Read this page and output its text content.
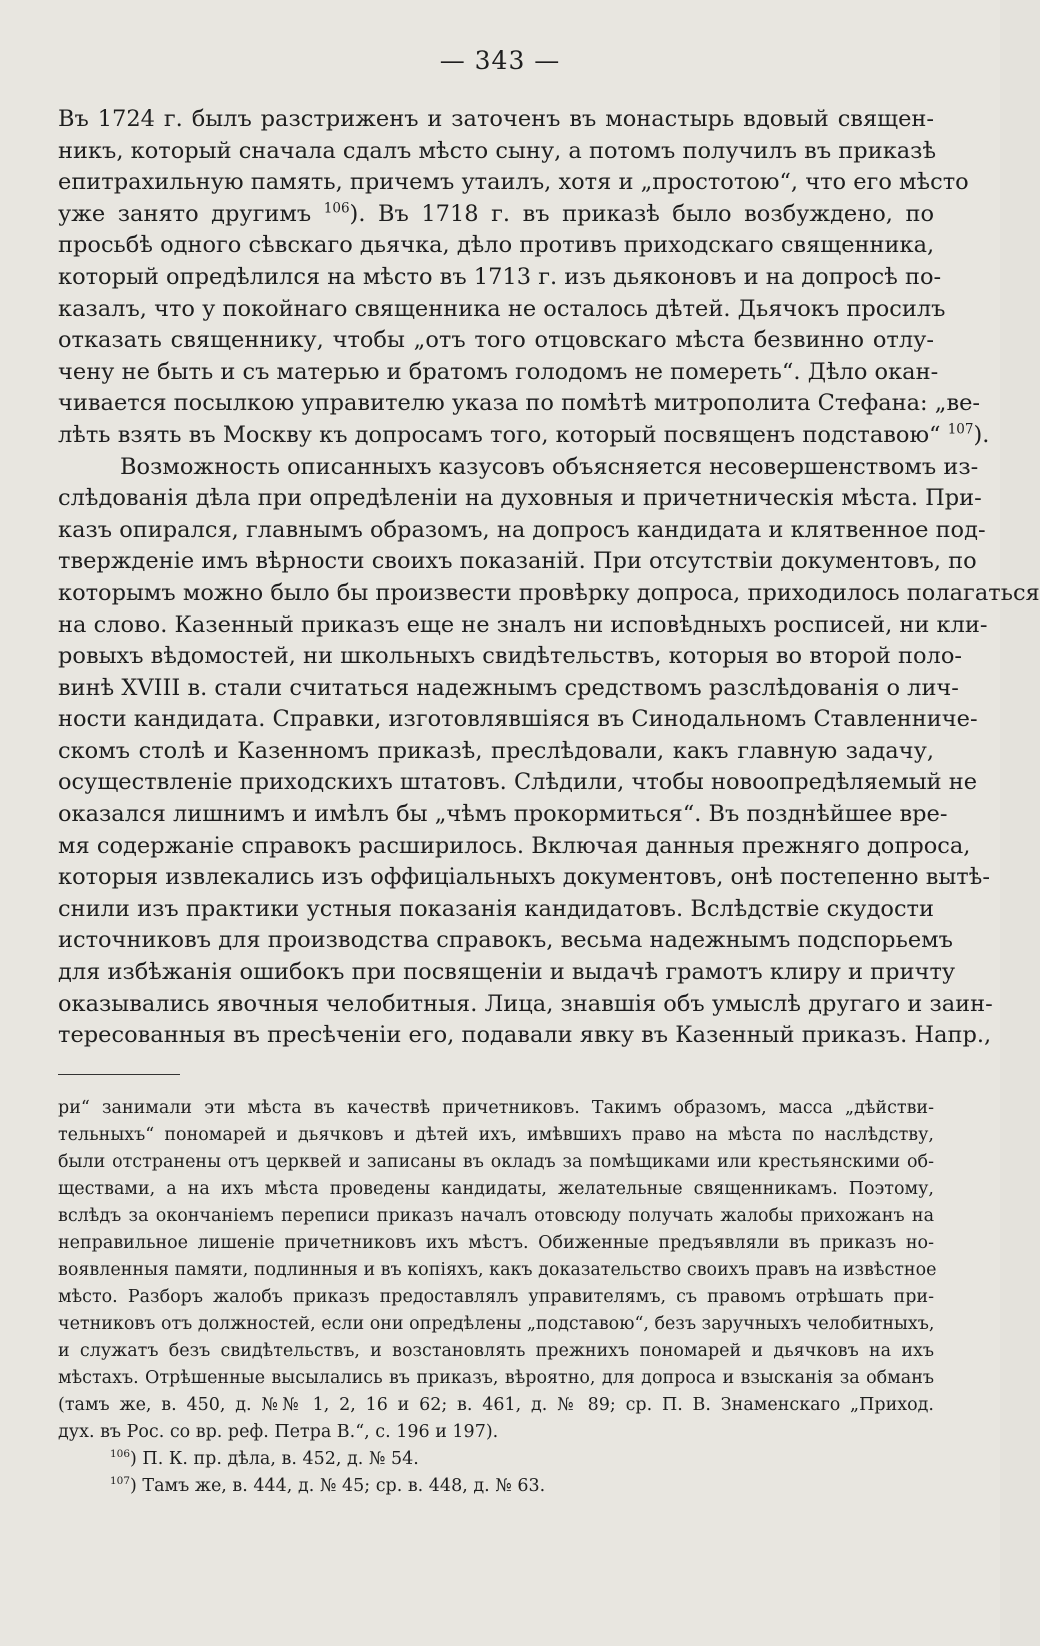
— 343 —

Въ 1724 г. былъ разстриженъ и заточенъ въ монастырь вдовый священ-

никъ, который сначала сдалъ мѣсто сыну, а потомъ получилъ въ приказѣ

епитрахильную память, причемъ утаилъ, хотя и „простотою“, что его мѣсто

уже занято другимъ $^{106}$). Въ 1718 г. въ приказѣ было возбуждено, по

просьбѣ одного сѣвскаго дьячка, дѣло противъ приходскаго священника,

который опредѣлился на мѣсто въ 1713 г. изъ дьяконовъ и на допросѣ по-

казалъ, что у покойнаго священника не осталось дѣтей. Дьячокъ просилъ

отказать священнику, чтобы „отъ того отцовскаго мѣста безвинно отлу-

чену не быть и съ матерью и братомъ голодомъ не помереть“. Дѣло окан-

чивается посылкою управителю указа по помѣтѣ митрополита Стефана: „ве-

лѣть взять въ Москву къ допросамъ того, который посвященъ подставою“ $^{107}$).

Возможность описанныхъ казусовъ объясняется несовершенствомъ из-

слѣдованія дѣла при опредѣленіи на духовныя и причетническія мѣста. При-

казъ опирался, главнымъ образомъ, на допросъ кандидата и клятвенное под-

твержденіе имъ вѣрности своихъ показаній. При отсутствіи документовъ, по

которымъ можно было бы произвести провѣрку допроса, приходилось полагаться

на слово. Казенный приказъ еще не зналъ ни исповѣдныхъ росписей, ни кли-

ровыхъ вѣдомостей, ни школьныхъ свидѣтельствъ, которыя во второй поло-

винѣ XVIII в. стали считаться надежнымъ средствомъ разслѣдованія о лич-

ности кандидата. Справки, изготовлявшіяся въ Синодальномъ Ставленниче-

скомъ столѣ и Казенномъ приказѣ, преслѣдовали, какъ главную задачу,

осуществленіе приходскихъ штатовъ. Слѣдили, чтобы новоопредѣляемый не

оказался лишнимъ и имѣлъ бы „чѣмъ прокормиться“. Въ позднѣйшее вре-

мя содержаніе справокъ расширилось. Включая данныя прежняго допроса,

которыя извлекались изъ оффиціальныхъ документовъ, онѣ постепенно вытѣ-

снили изъ практики устныя показанія кандидатовъ. Вслѣдствіе скудости

источниковъ для производства справокъ, весьма надежнымъ подспорьемъ

для избѣжанія ошибокъ при посвященіи и выдачѣ грамотъ клиру и причту

оказывались явочныя челобитныя. Лица, знавшія объ умыслѣ другаго и заин-

тересованныя въ пресѣченіи его, подавали явку въ Казенный приказъ. Напр.,

ри“ занимали эти мѣста въ качествѣ причетниковъ. Такимъ образомъ, масса „дѣйстви-

тельныхъ“ пономарей и дьячковъ и дѣтей ихъ, имѣвшихъ право на мѣста по наслѣдству,

были отстранены отъ церквей и записаны въ окладъ за помѣщиками или крестьянскими об-

ществами, а на ихъ мѣста проведены кандидаты, желательные священникамъ. Поэтому,

вслѣдъ за окончаніемъ переписи приказъ началъ отовсюду получать жалобы прихожанъ на

неправильное лишеніе причетниковъ ихъ мѣстъ. Обиженные предъявляли въ приказъ но-

воявленныя памяти, подлинныя и въ копіяхъ, какъ доказательство своихъ правъ на извѣстное

мѣсто. Разборъ жалобъ приказъ предоставлялъ управителямъ, съ правомъ отрѣшать при-

четниковъ отъ должностей, если они опредѣлены „подставою“, безъ заручныхъ челобитныхъ,

и служатъ безъ свидѣтельствъ, и возстановлять прежнихъ пономарей и дьячковъ на ихъ

мѣстахъ. Отрѣшенные высылались въ приказъ, вѣроятно, для допроса и взысканія за обманъ

(тамъ же, в. 450, д. №№ 1, 2, 16 и 62; в. 461, д. № 89; ср. П. В. Знаменскаго „Приход.

дух. въ Рос. со вр. реф. Петра В.“, с. 196 и 197).

$^{106}$) П. К. пр. дѣла, в. 452, д. № 54.

$^{107}$) Тамъ же, в. 444, д. № 45; ср. в. 448, д. № 63.
